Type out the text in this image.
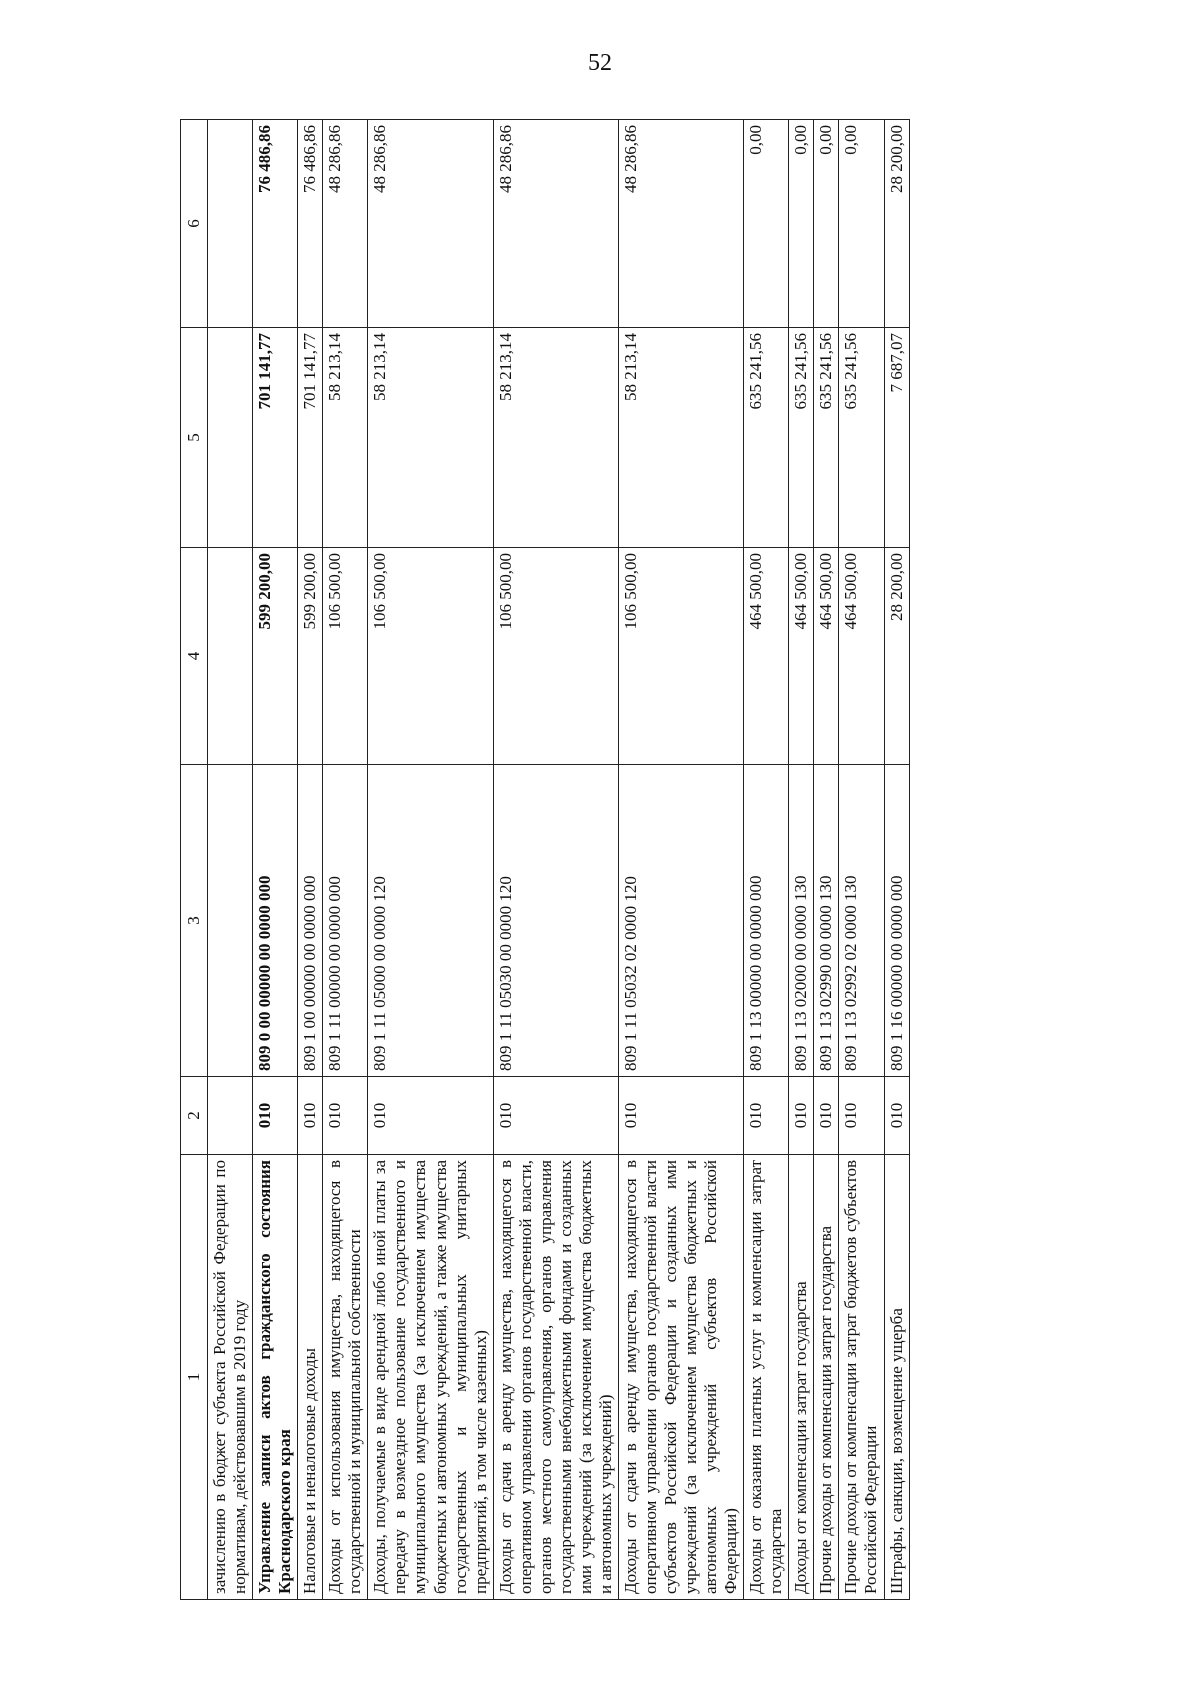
52
1	2	3	4	5	6
зачислению в бюджет субъекта Российской Федерации по нормативам, действовавшим в 2019 году					
Управление записи актов гражданского состояния Краснодарского края	010	809 0 00 00000 00 0000 000	599 200,00	701 141,77	76 486,86
Налоговые и неналоговые доходы	010	809 1 00 00000 00 0000 000	599 200,00	701 141,77	76 486,86
Доходы от использования имущества, находящегося в государственной и муниципальной собственности	010	809 1 11 00000 00 0000 000	106 500,00	58 213,14	48 286,86
Доходы, получаемые в виде арендной либо иной платы за передачу в возмездное пользование государственного и муниципального имущества (за исключением имущества бюджетных и автономных учреждений, а также имущества государственных и муниципальных унитарных предприятий, в том числе казенных)	010	809 1 11 05000 00 0000 120	106 500,00	58 213,14	48 286,86
Доходы от сдачи в аренду имущества, находящегося в оперативном управлении органов государственной власти, органов местного самоуправления, органов управления государственными внебюджетными фондами и созданных ими учреждений (за исключением имущества бюджетных и автономных учреждений)	010	809 1 11 05030 00 0000 120	106 500,00	58 213,14	48 286,86
Доходы от сдачи в аренду имущества, находящегося в оперативном управлении органов государственной власти субъектов Российской Федерации и созданных ими учреждений (за исключением имущества бюджетных и автономных учреждений субъектов Российской Федерации)	010	809 1 11 05032 02 0000 120	106 500,00	58 213,14	48 286,86
Доходы от оказания платных услуг и компенсации затрат государства	010	809 1 13 00000 00 0000 000	464 500,00	635 241,56	0,00
Доходы от компенсации затрат государства	010	809 1 13 02000 00 0000 130	464 500,00	635 241,56	0,00
Прочие доходы от компенсации затрат государства	010	809 1 13 02990 00 0000 130	464 500,00	635 241,56	0,00
Прочие доходы от компенсации затрат бюджетов субъектов Российской Федерации	010	809 1 13 02992 02 0000 130	464 500,00	635 241,56	0,00
Штрафы, санкции, возмещение ущерба	010	809 1 16 00000 00 0000 000	28 200,00	7 687,07	28 200,00
